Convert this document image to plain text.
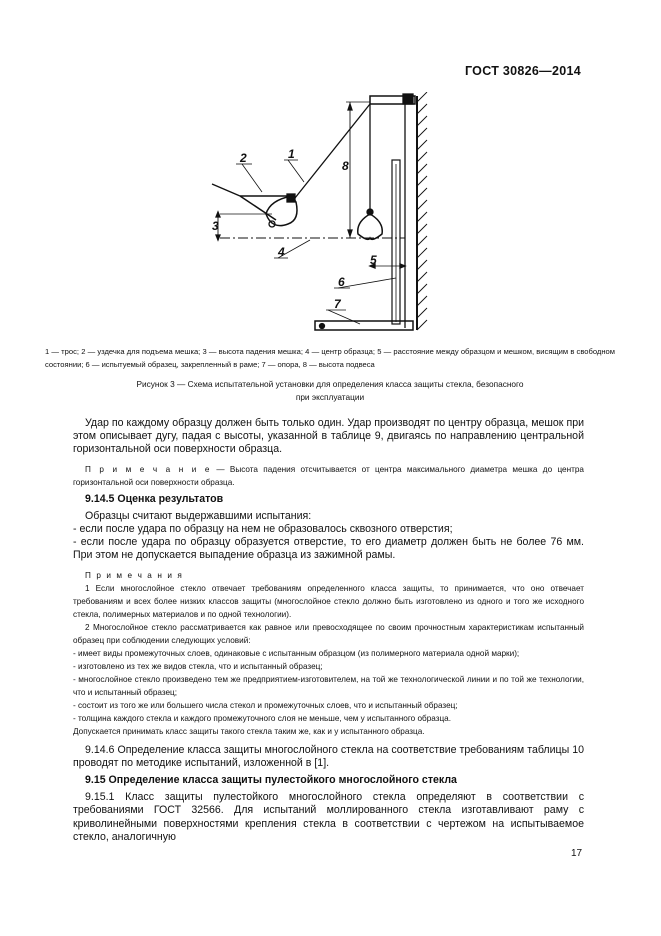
ГОСТ 30826—2014
1
2
3
4
5
6
7
8
1 — трос; 2 — уздечка для подъема мешка; 3 — высота падения мешка; 4 — центр образца; 5 — расстояние между образцом и мешком, висящим в свободном состоянии; 6 — испытуемый образец, закрепленный в раме; 7 — опора, 8 — высота подвеса
Рисунок 3 — Схема испытательной установки для определения класса защиты стекла, безопасного
при эксплуатации

Удар по каждому образцу должен быть только один. Удар производят по центру образца, мешок при этом описывает дугу, падая с высоты, указанной в таблице 9, двигаясь по направлению центральной горизонтальной оси поверхности образца.

П р и м е ч а н и е — Высота падения отсчитывается от центра максимального диаметра мешка до центра горизонтальной оси поверхности образца.

9.14.5 Оценка результатов

Образцы считают выдержавшими испытания:

- если после удара по образцу на нем не образовалось сквозного отверстия;

- если после удара по образцу образуется отверстие, то его диаметр должен быть не более 76 мм. При этом не допускается выпадение образца из зажимной рамы.

П р и м е ч а н и я

1 Если многослойное стекло отвечает требованиям определенного класса защиты, то принимается, что оно отвечает требованиям и всех более низких классов защиты (многослойное стекло должно быть изготовлено из одного и того же исходного стекла, полимерных материалов и по одной технологии).

2 Многослойное стекло рассматривается как равное или превосходящее по своим прочностным характеристикам испытанный образец при соблюдении следующих условий:

- имеет виды промежуточных слоев, одинаковые с испытанным образцом (из полимерного материала одной марки);

- изготовлено из тех же видов стекла, что и испытанный образец;

- многослойное стекло произведено тем же предприятием-изготовителем, на той же технологической линии и по той же технологии, что и испытанный образец;

- состоит из того же или большего числа стекол и промежуточных слоев, что и испытанный образец;

- толщина каждого стекла и каждого промежуточного слоя не меньше, чем у испытанного образца.

Допускается принимать класс защиты такого стекла таким же, как и у испытанного образца.

9.14.6 Определение класса защиты многослойного стекла на соответствие требованиям таблицы 10 проводят по методике испытаний, изложенной в [1].

9.15 Определение класса защиты пулестойкого многослойного стекла

9.15.1 Класс защиты пулестойкого многослойного стекла определяют в соответствии с требованиями ГОСТ 32566. Для испытаний моллированного стекла изготавливают раму с криволинейными поверхностями крепления стекла в соответствии с чертежом на испытываемое стекло, аналогичную

17
